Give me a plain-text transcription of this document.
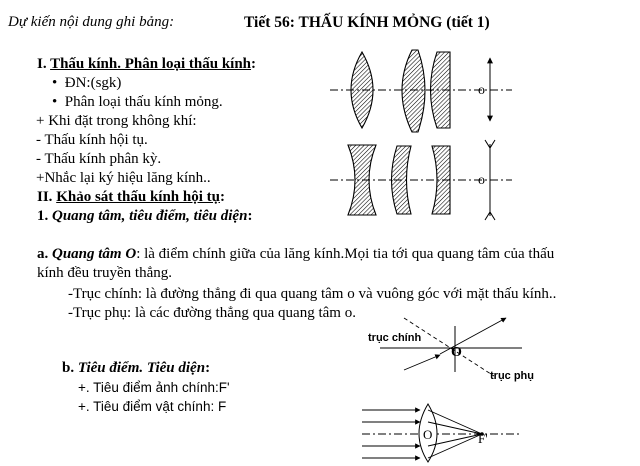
Dự kiến nội dung ghi bảng:	Tiết 56: THẤU KÍNH MỎNG (tiết 1)
I. Thấu kính. Phân loại thấu kính:
•  ĐN:(sgk)
•  Phân loại thấu kính mỏng.
+ Khi đặt trong không khí:
- Thấu kính hội tụ.
- Thấu kính phân kỳ.
+Nhắc lại ký hiệu lăng kính..
II. Khảo sát thấu kính hội tụ:
1. Quang tâm, tiêu điểm, tiêu diện:
a. Quang tâm O: là điểm chính giữa của lăng kính.Mọi tia tới qua quang tâm của thấu
kính đều truyền thẳng.
-Trục chính: là đường thẳng đi qua quang tâm o và vuông góc với mặt thấu kính..
-Trục phụ: là các đường thẳng qua quang tâm o.
b. Tiêu điểm. Tiêu diện:
+. Tiêu điểm ảnh chính:F'
+. Tiêu điểm vật chính: F
o
o
trục chính
trục phụ
O
O	F'
